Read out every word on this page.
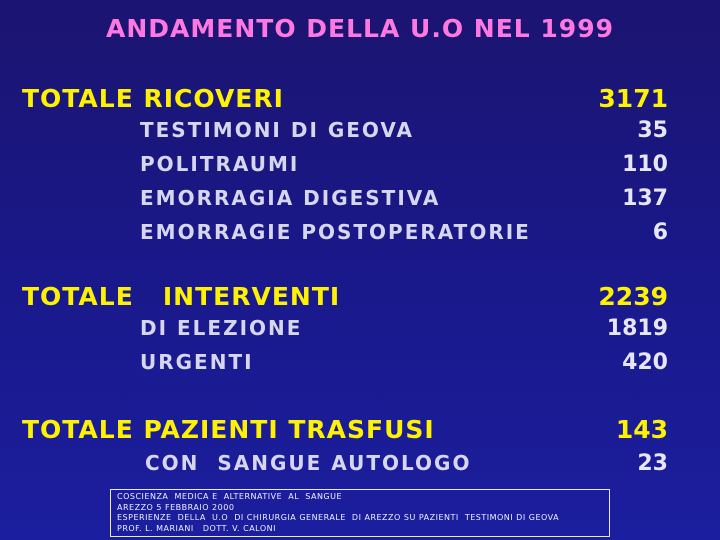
ANDAMENTO DELLA U.O NEL 1999
TOTALE RICOVERI	3171
TESTIMONI DI GEOVA	35
POLITRAUMI	110
EMORRAGIA DIGESTIVA	137
EMORRAGIE POSTOPERATORIE	6
TOTALE   INTERVENTI	2239
DI ELEZIONE	1819
URGENTI	420
TOTALE PAZIENTI TRASFUSI	143
CON  SANGUE AUTOLOGO	23
COSCIENZA  MEDICA E  ALTERNATIVE  AL  SANGUE
AREZZO 5 FEBBRAIO 2000
ESPERIENZE  DELLA  U.O  DI CHIRURGIA GENERALE  DI AREZZO SU PAZIENTI  TESTIMONI DI GEOVA
PROF. L. MARIANI   DOTT. V. CALONI
